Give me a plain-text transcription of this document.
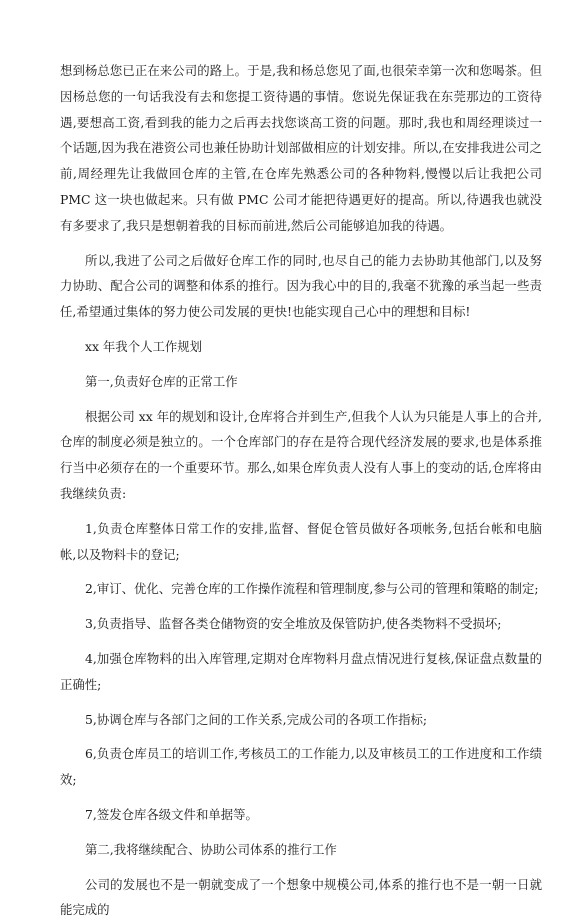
想到杨总您已正在来公司的路上。于是,我和杨总您见了面,也很荣幸第一次和您喝茶。但因杨总您的一句话我没有去和您提工资待遇的事情。您说先保证我在东莞那边的工资待遇,要想高工资,看到我的能力之后再去找您谈高工资的问题。那时,我也和周经理谈过一个话题,因为我在港资公司也兼任协助计划部做相应的计划安排。所以,在安排我进公司之前,周经理先让我做回仓库的主管,在仓库先熟悉公司的各种物料,慢慢以后让我把公司 PMC 这一块也做起来。只有做 PMC 公司才能把待遇更好的提高。所以,待遇我也就没有多要求了,我只是想朝着我的目标而前进,然后公司能够追加我的待遇。

所以,我进了公司之后做好仓库工作的同时,也尽自己的能力去协助其他部门,以及努力协助、配合公司的调整和体系的推行。因为我心中的目的,我毫不犹豫的承当起一些责任,希望通过集体的努力使公司发展的更快!也能实现自己心中的理想和目标!

xx 年我个人工作规划

第一,负责好仓库的正常工作

根据公司 xx 年的规划和设计,仓库将合并到生产,但我个人认为只能是人事上的合并,仓库的制度必须是独立的。一个仓库部门的存在是符合现代经济发展的要求,也是体系推行当中必须存在的一个重要环节。那么,如果仓库负责人没有人事上的变动的话,仓库将由我继续负责:

1,负责仓库整体日常工作的安排,监督、督促仓管员做好各项帐务,包括台帐和电脑帐,以及物料卡的登记;

2,审订、优化、完善仓库的工作操作流程和管理制度,参与公司的管理和策略的制定;

3,负责指导、监督各类仓储物资的安全堆放及保管防护,使各类物料不受损坏;

4,加强仓库物料的出入库管理,定期对仓库物料月盘点情况进行复核,保证盘点数量的正确性;

5,协调仓库与各部门之间的工作关系,完成公司的各项工作指标;

6,负责仓库员工的培训工作,考核员工的工作能力,以及审核员工的工作进度和工作绩效;

7,签发仓库各级文件和单据等。

第二,我将继续配合、协助公司体系的推行工作

公司的发展也不是一朝就变成了一个想象中规模公司,体系的推行也不是一朝一日就能完成的
